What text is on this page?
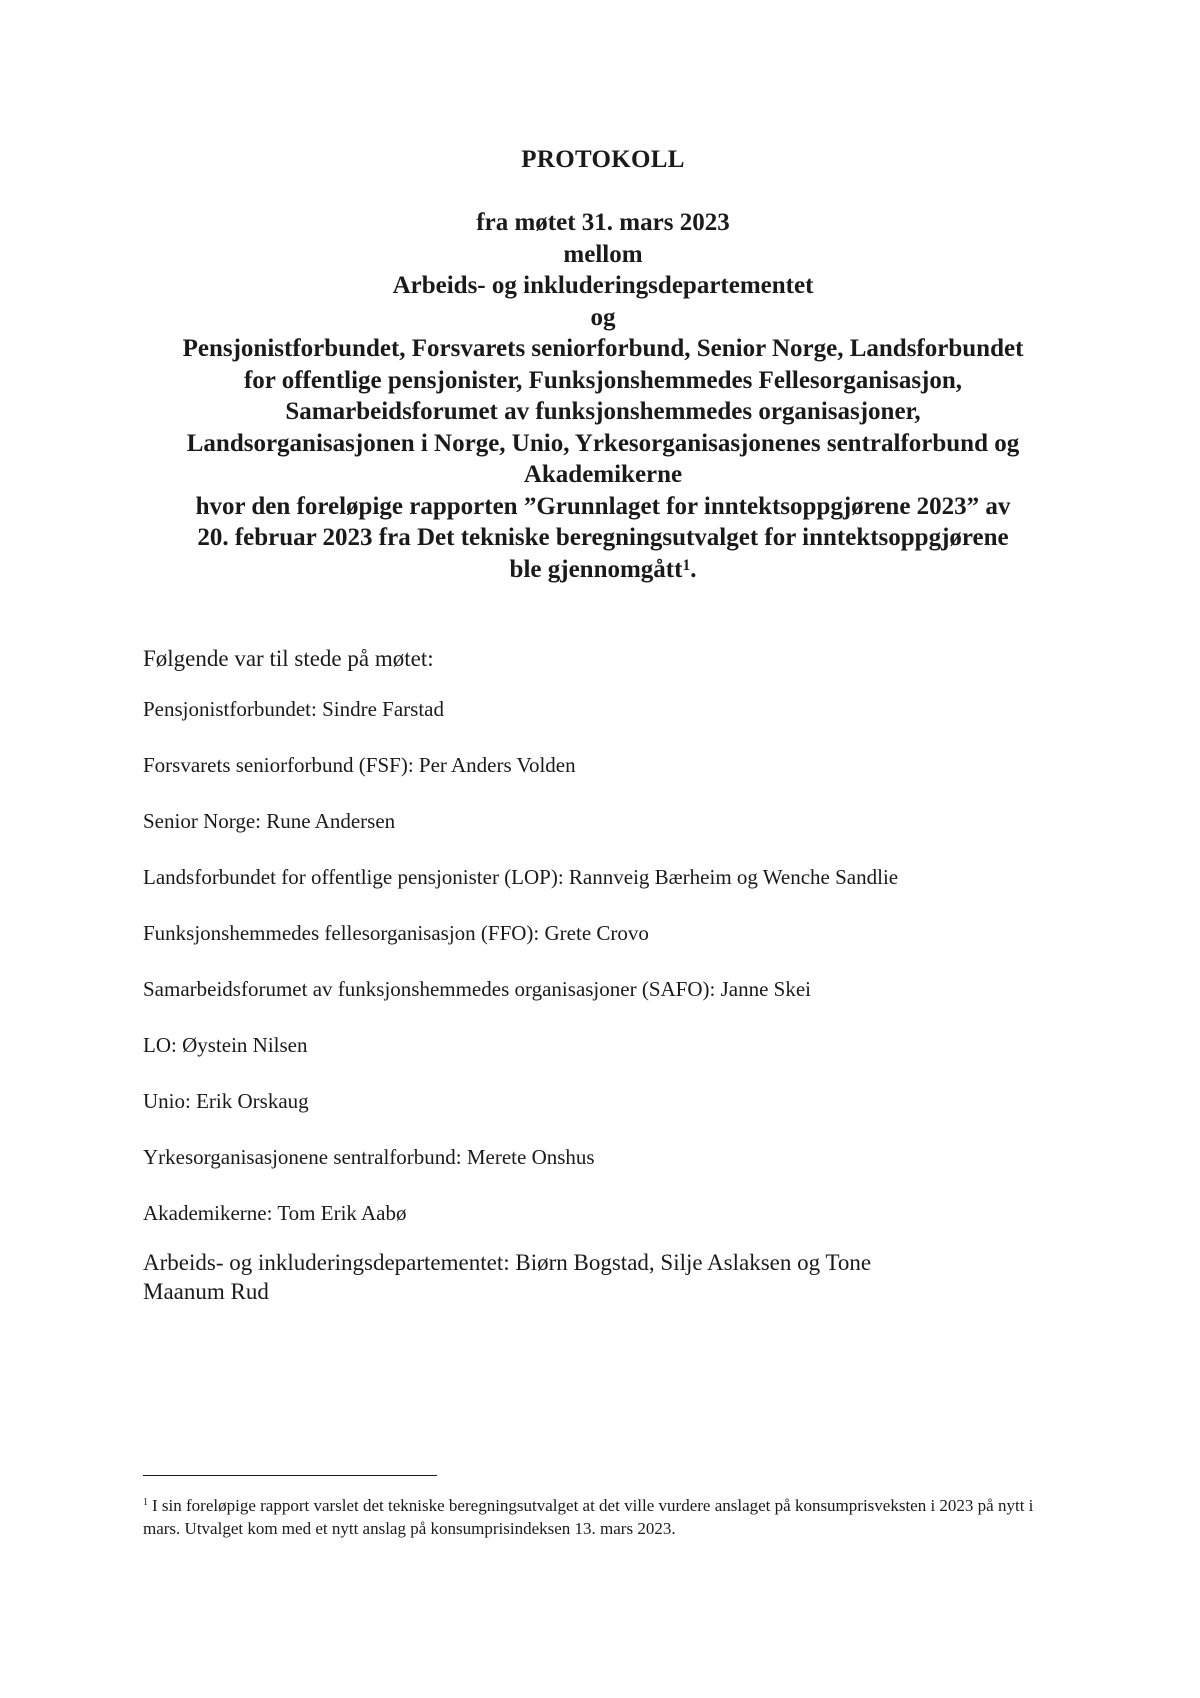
PROTOKOLL
fra møtet 31. mars 2023
mellom
Arbeids- og inkluderingsdepartementet
og
Pensjonistforbundet, Forsvarets seniorforbund, Senior Norge, Landsforbundet
for offentlige pensjonister, Funksjonshemmedes Fellesorganisasjon,
Samarbeidsforumet av funksjonshemmedes organisasjoner,
Landsorganisasjonen i Norge, Unio, Yrkesorganisasjonenes sentralforbund og
Akademikerne
hvor den foreløpige rapporten ”Grunnlaget for inntektsoppgjørene 2023” av
20. februar 2023 fra Det tekniske beregningsutvalget for inntektsoppgjørene
ble gjennomgått$^1$.

Følgende var til stede på møtet:

Pensjonistforbundet: Sindre Farstad

Forsvarets seniorforbund (FSF): Per Anders Volden

Senior Norge: Rune Andersen

Landsforbundet for offentlige pensjonister (LOP): Rannveig Bærheim og Wenche Sandlie

Funksjonshemmedes fellesorganisasjon (FFO): Grete Crovo

Samarbeidsforumet av funksjonshemmedes organisasjoner (SAFO): Janne Skei

LO: Øystein Nilsen

Unio: Erik Orskaug

Yrkesorganisasjonene sentralforbund: Merete Onshus

Akademikerne: Tom Erik Aabø

Arbeids- og inkluderingsdepartementet: Biørn Bogstad, Silje Aslaksen og Tone
Maanum Rud

$^1$ I sin foreløpige rapport varslet det tekniske beregningsutvalget at det ville vurdere anslaget på konsumprisveksten i 2023 på nytt i mars. Utvalget kom med et nytt anslag på konsumprisindeksen 13. mars 2023.
